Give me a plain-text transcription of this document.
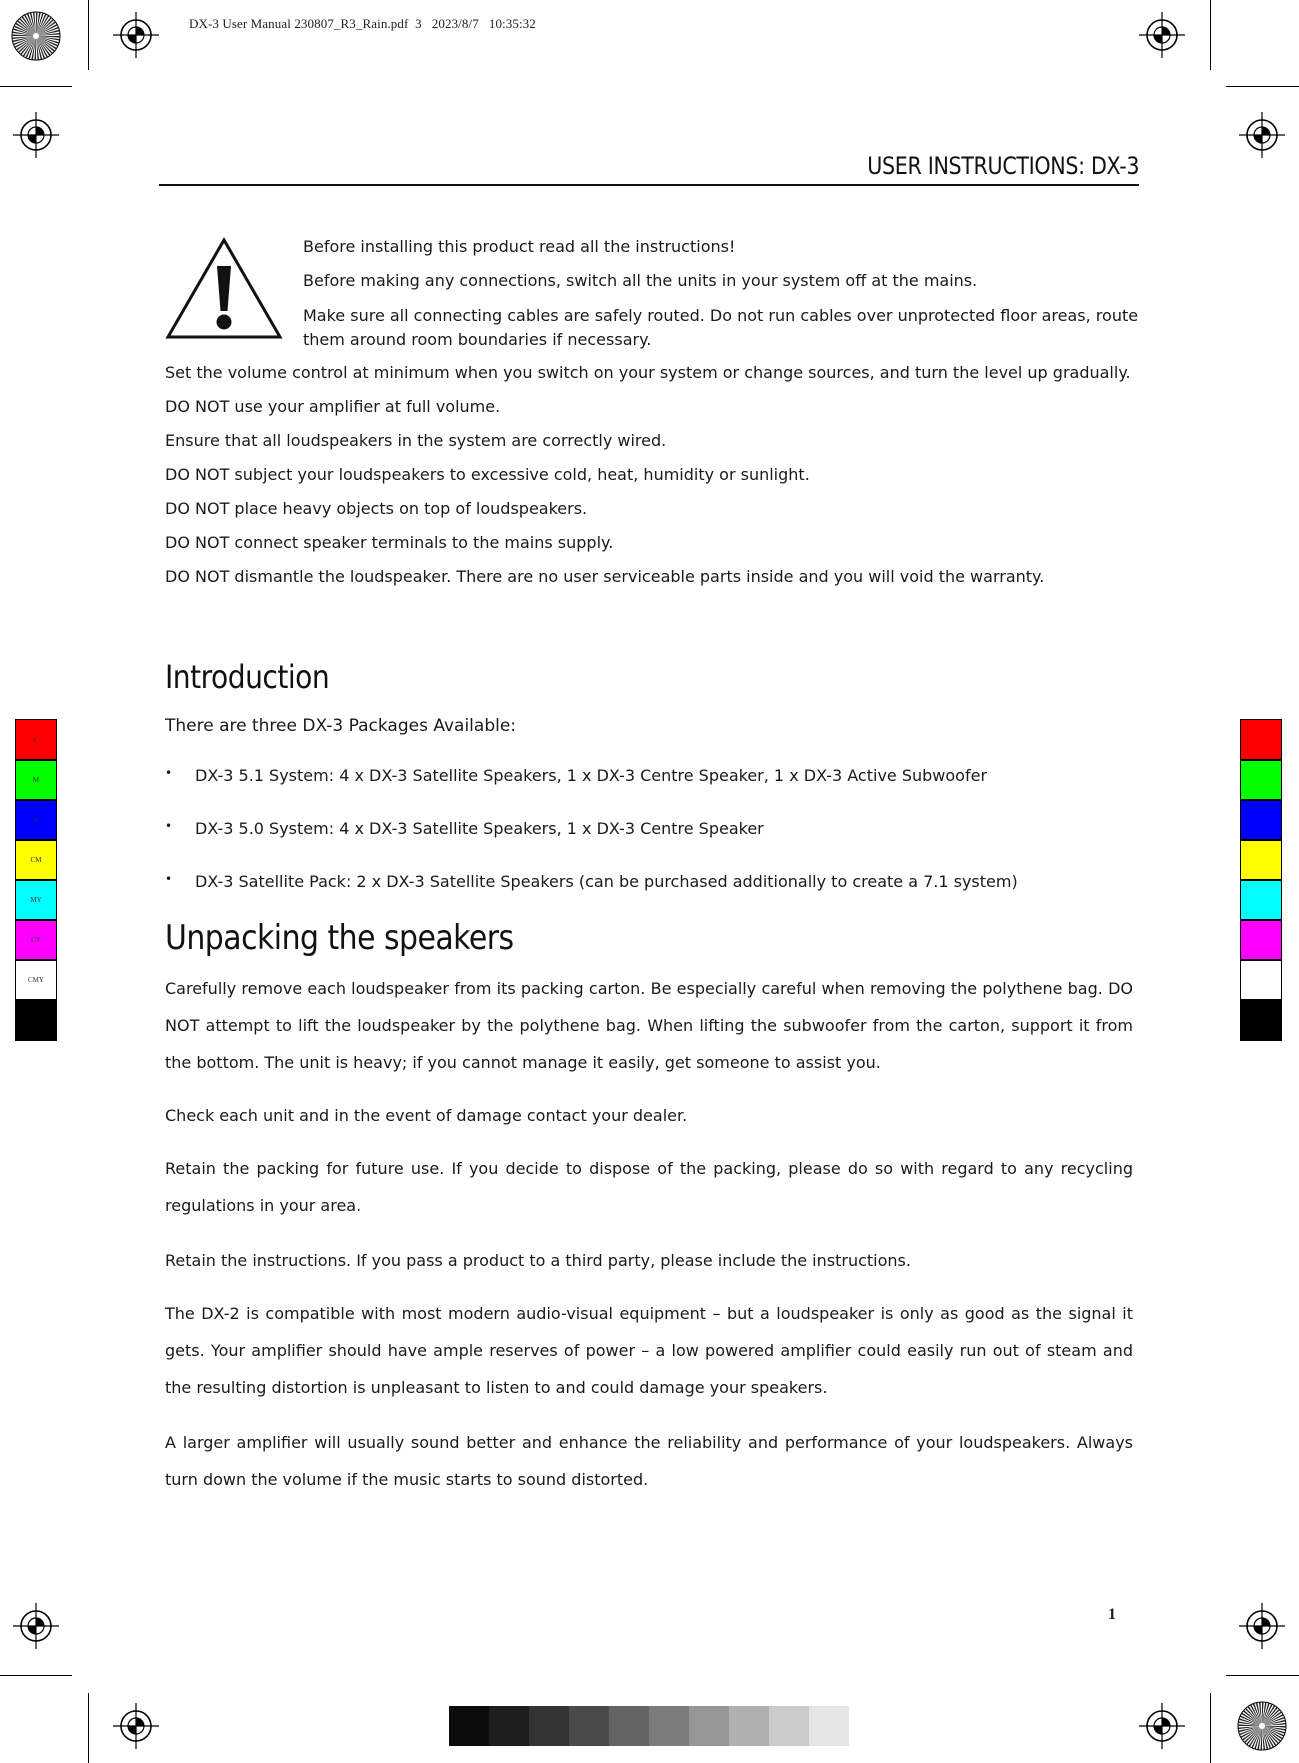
DX-3 User Manual 230807_R3_Rain.pdf  3   2023/8/7   10:35:32
C
M
Y
CM
MY
CY
CMY
USER INSTRUCTIONS: DX-3

Before installing this product read all the instructions!

Before making any connections, switch all the units in your system off at the mains.

Make sure all connecting cables are safely routed. Do not run cables over unprotected floor areas, route them around room boundaries if necessary.

Set the volume control at minimum when you switch on your system or change sources, and turn the level up gradually.

DO NOT use your amplifier at full volume.

Ensure that all loudspeakers in the system are correctly wired.

DO NOT subject your loudspeakers to excessive cold, heat, humidity or sunlight.

DO NOT place heavy objects on top of loudspeakers.

DO NOT connect speaker terminals to the mains supply.

DO NOT dismantle the loudspeaker. There are no user serviceable parts inside and you will void the warranty.

Introduction
There are three DX-3 Packages Available:
• DX-3 5.1 System: 4 x DX-3 Satellite Speakers, 1 x DX-3 Centre Speaker, 1 x DX-3 Active Subwoofer
• DX-3 5.0 System: 4 x DX-3 Satellite Speakers, 1 x DX-3 Centre Speaker
• DX-3 Satellite Pack: 2 x DX-3 Satellite Speakers (can be purchased additionally to create a 7.1 system)
Unpacking the speakers

Carefully remove each loudspeaker from its packing carton. Be especially careful when removing the polythene bag. DO NOT attempt to lift the loudspeaker by the polythene bag. When lifting the subwoofer from the carton, support it from the bottom. The unit is heavy; if you cannot manage it easily, get someone to assist you.

Check each unit and in the event of damage contact your dealer.

Retain the packing for future use. If you decide to dispose of the packing, please do so with regard to any recycling regulations in your area.

Retain the instructions. If you pass a product to a third party, please include the instructions.

The DX-2 is compatible with most modern audio-visual equipment – but a loudspeaker is only as good as the signal it gets. Your amplifier should have ample reserves of power – a low powered amplifier could easily run out of steam and the resulting distortion is unpleasant to listen to and could damage your speakers.

A larger amplifier will usually sound better and enhance the reliability and performance of your loudspeakers. Always turn down the volume if the music starts to sound distorted.

1
